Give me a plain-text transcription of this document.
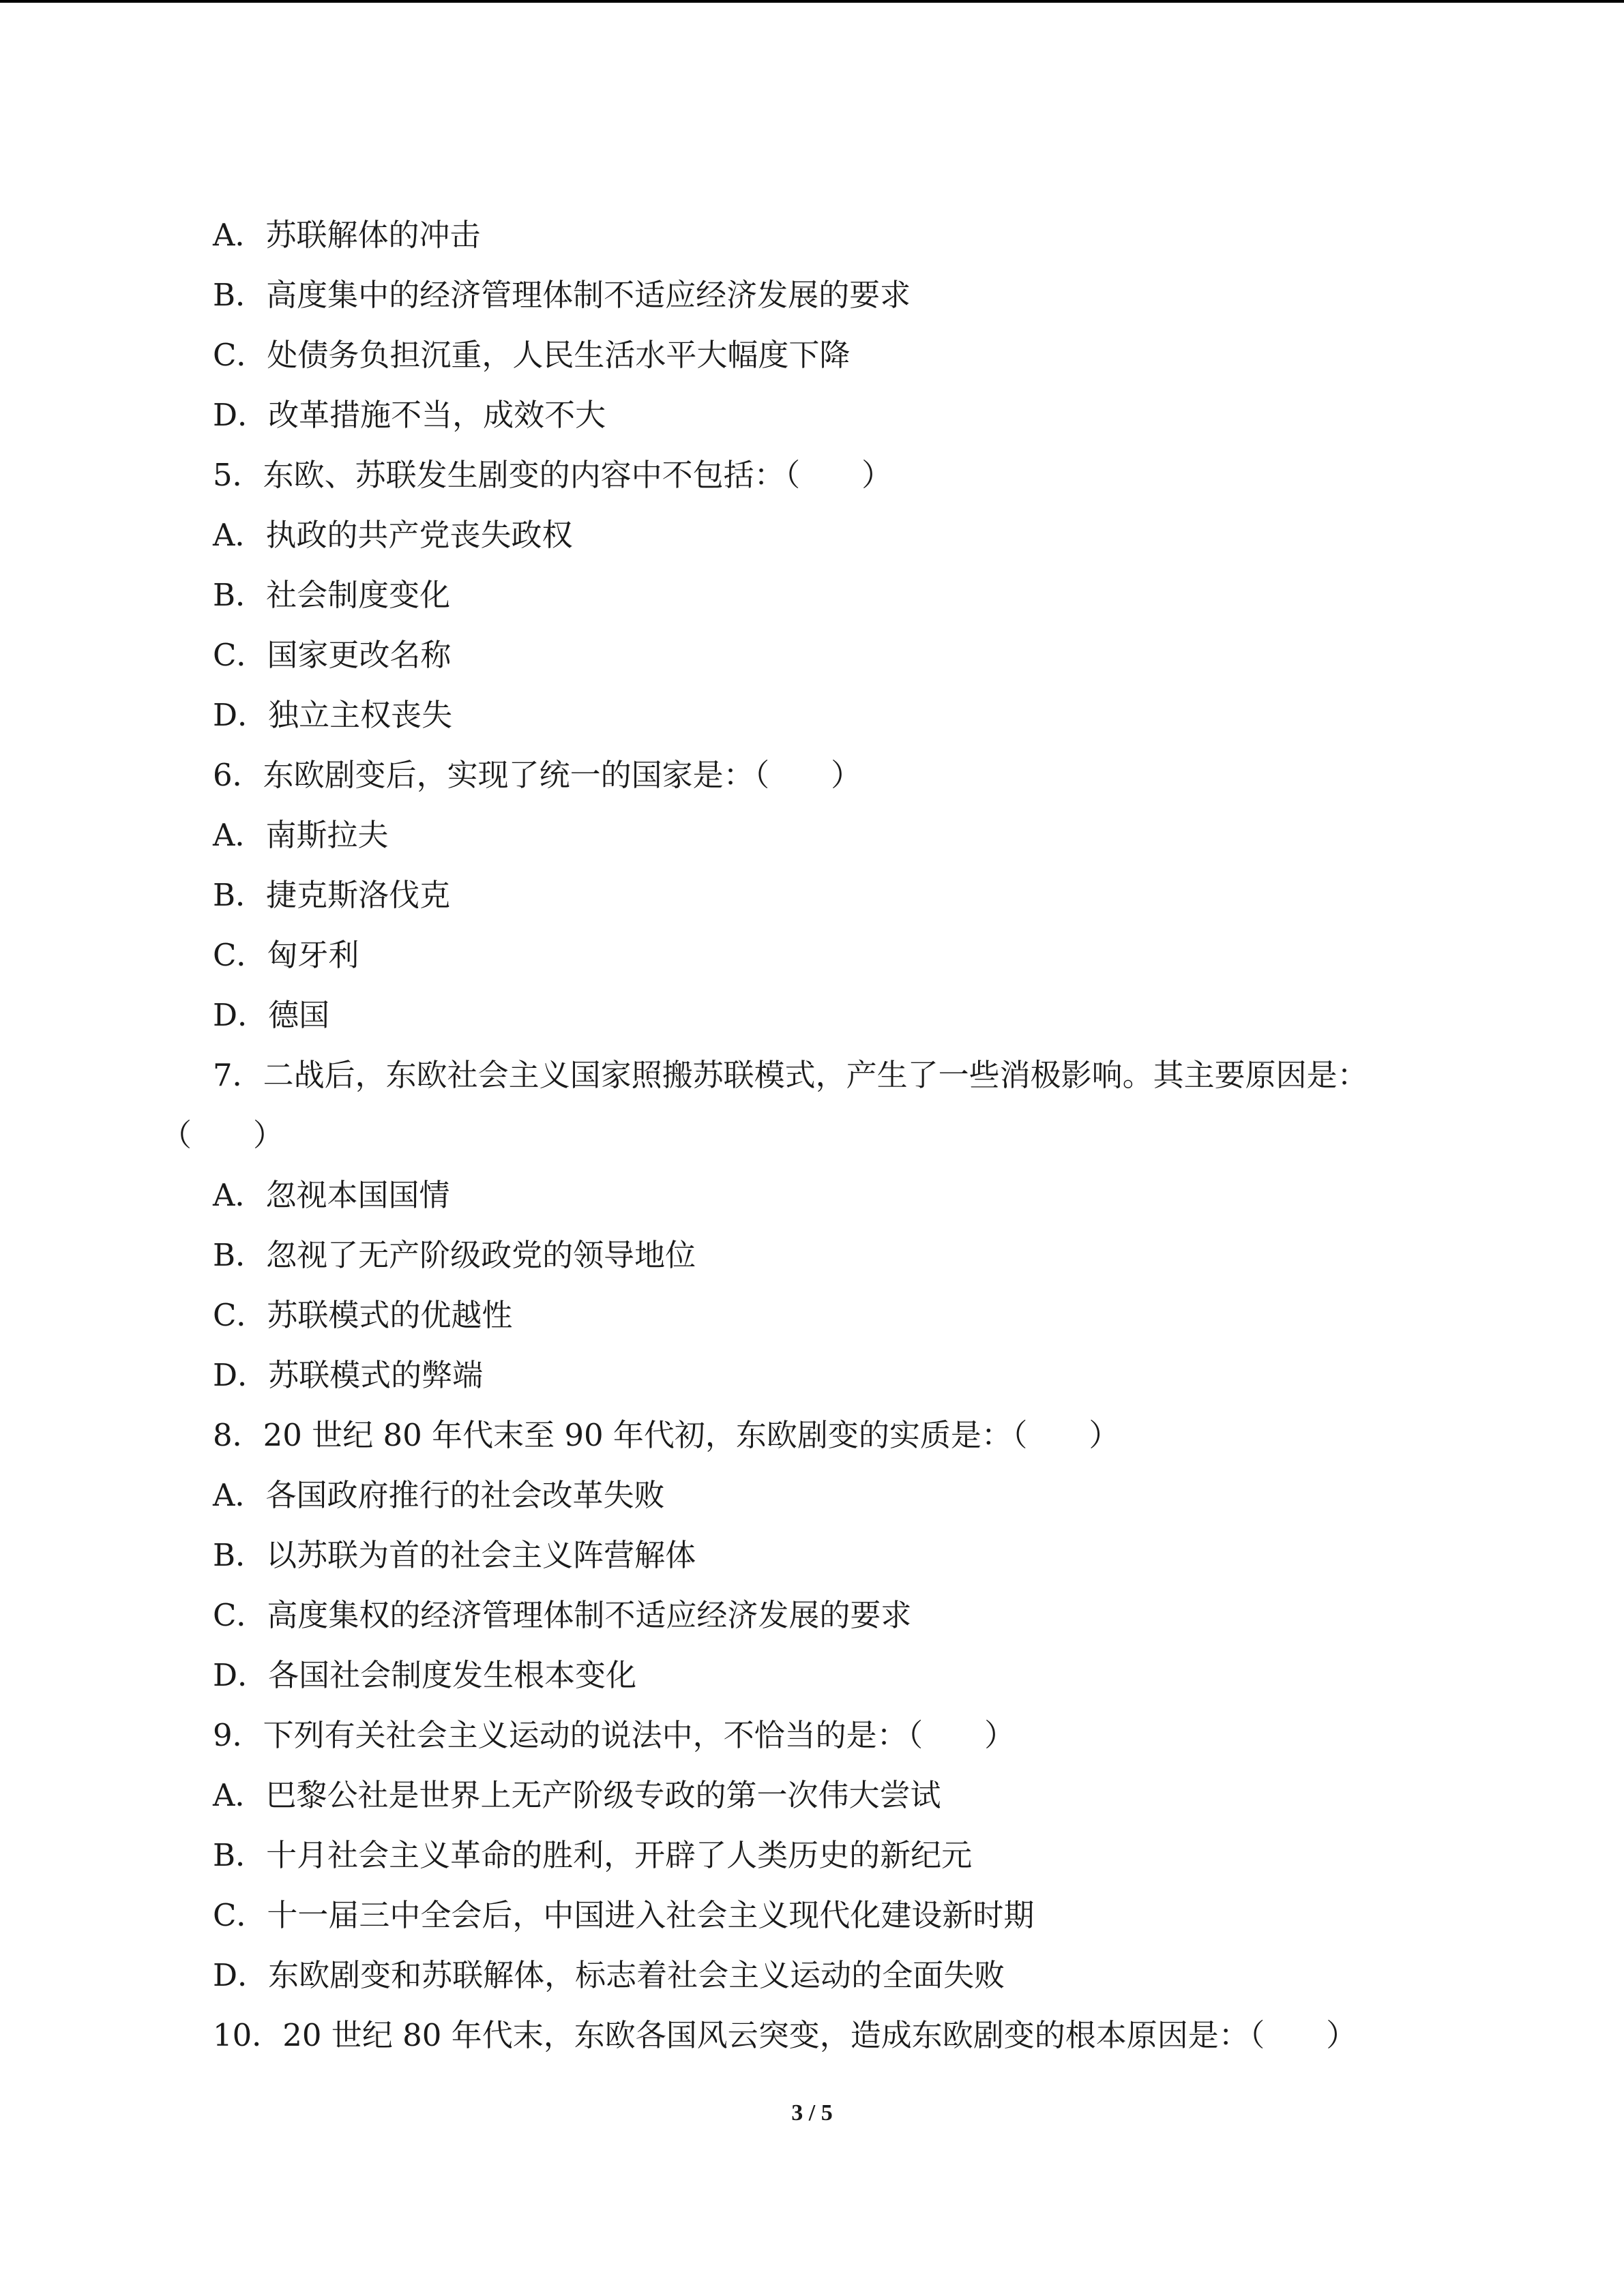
A．苏联解体的冲击
B．高度集中的经济管理体制不适应经济发展的要求
C．处债务负担沉重，人民生活水平大幅度下降
D．改革措施不当，成效不大
5．东欧、苏联发生剧变的内容中不包括：（　　）
A．执政的共产党丧失政权
B．社会制度变化
C．国家更改名称
D．独立主权丧失
6．东欧剧变后，实现了统一的国家是：（　　）
A．南斯拉夫
B．捷克斯洛伐克
C．匈牙利
D．德国
7．二战后，东欧社会主义国家照搬苏联模式，产生了一些消极影响。其主要原因是：
（　　）
A．忽视本国国情
B．忽视了无产阶级政党的领导地位
C．苏联模式的优越性
D．苏联模式的弊端
8．20 世纪 80 年代末至 90 年代初，东欧剧变的实质是：（　　）
A．各国政府推行的社会改革失败
B．以苏联为首的社会主义阵营解体
C．高度集权的经济管理体制不适应经济发展的要求
D．各国社会制度发生根本变化
9．下列有关社会主义运动的说法中，不恰当的是：（　　）
A．巴黎公社是世界上无产阶级专政的第一次伟大尝试
B．十月社会主义革命的胜利，开辟了人类历史的新纪元
C．十一届三中全会后，中国进入社会主义现代化建设新时期
D．东欧剧变和苏联解体，标志着社会主义运动的全面失败
10．20 世纪 80 年代末，东欧各国风云突变，造成东欧剧变的根本原因是：（　　）
3 / 5
